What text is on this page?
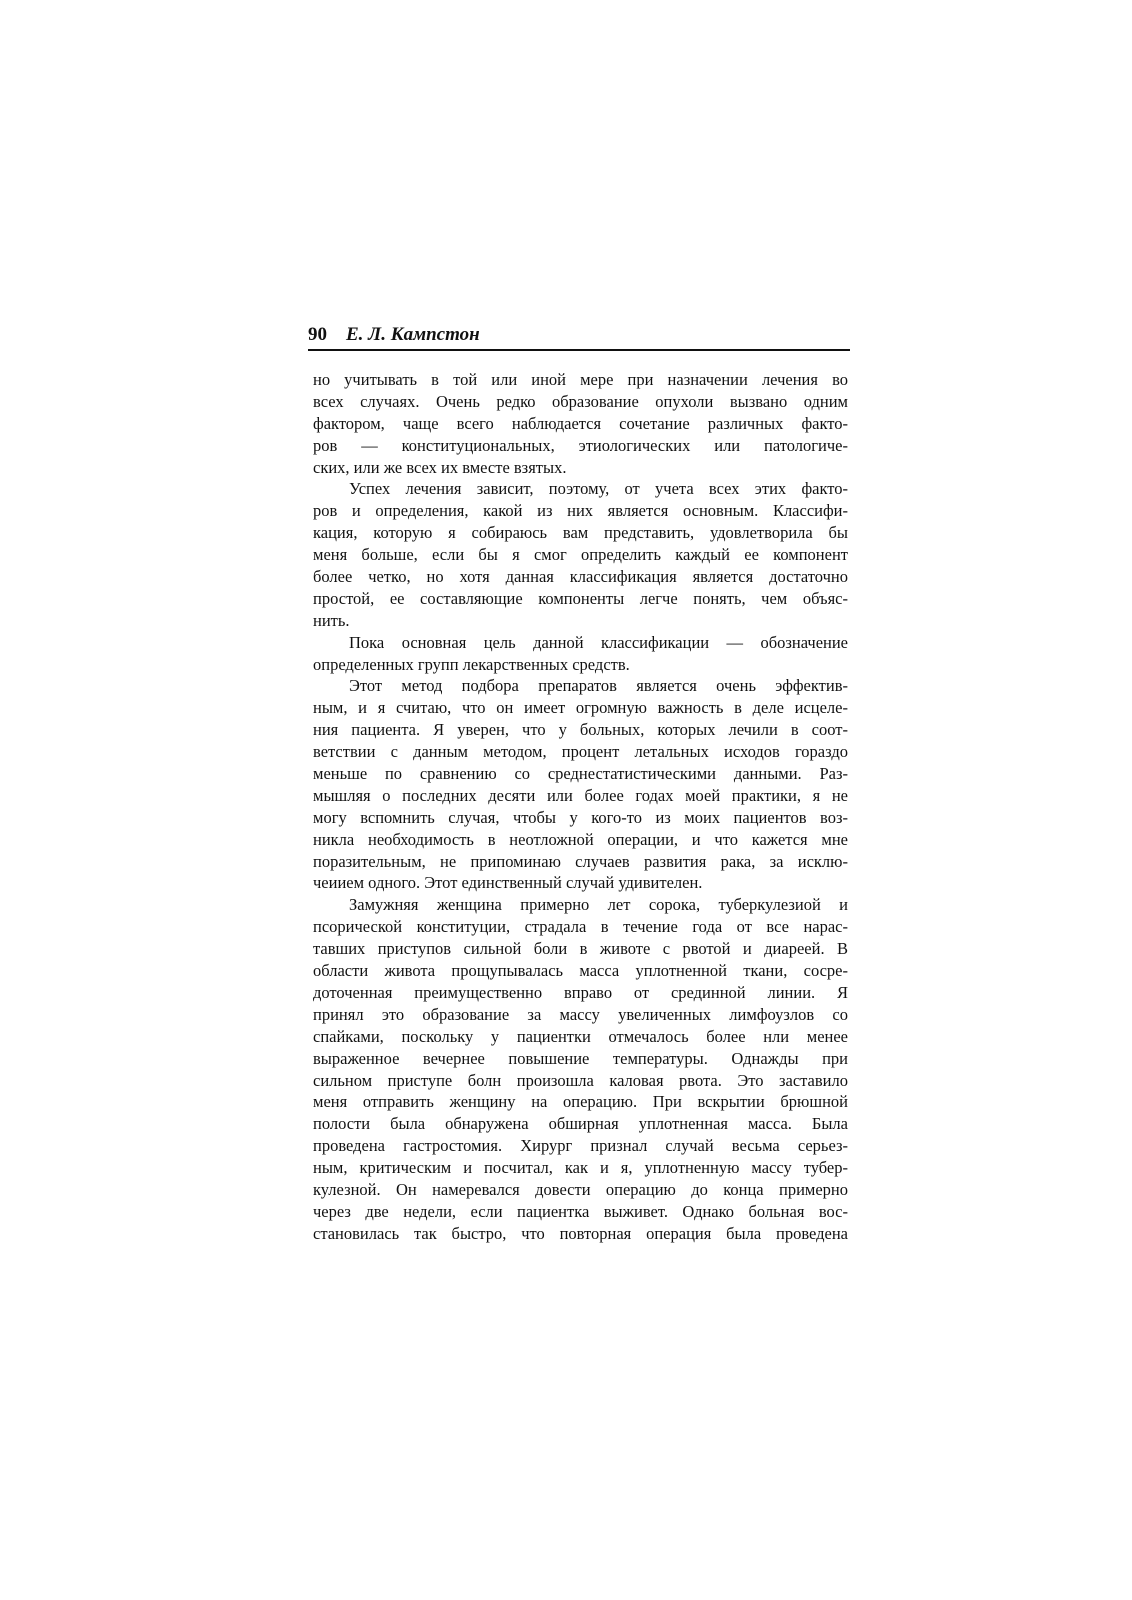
90 Е. Л. Кампстон
но учитывать в той или иной мере при назначении лечения во
всех случаях. Очень редко образование опухоли вызвано одним
фактором, чаще всего наблюдается сочетание различных факто-
ров — конституциональных, этиологических или патологиче-
ских, или же всех их вместе взятых.
Успех лечения зависит, поэтому, от учета всех этих факто-
ров и определения, какой из них является основным. Классифи-
кация, которую я собираюсь вам представить, удовлетворила бы
меня больше, если бы я смог определить каждый ее компонент
более четко, но хотя данная классификация является достаточно
простой, ее составляющие компоненты легче понять, чем объяс-
нить.
Пока основная цель данной классификации — обозначение
определенных групп лекарственных средств.
Этот метод подбора препаратов является очень эффектив-
ным, и я считаю, что он имеет огромную важность в деле исцеле-
ния пациента. Я уверен, что у больных, которых лечили в соот-
ветствии с данным методом, процент летальных исходов гораздо
меньше по сравнению со среднестатистическими данными. Раз-
мышляя о последних десяти или более годах моей практики, я не
могу вспомнить случая, чтобы у кого-то из моих пациентов воз-
никла необходимость в неотложной операции, и что кажется мне
поразительным, не припоминаю случаев развития рака, за исклю-
чеиием одного. Этот единственный случай удивителен.
Замужняя женщина примерно лет сорока, туберкулезиой и
псорической конституции, страдала в течение года от все нарас-
тавших приступов сильной боли в животе с рвотой и диареей. В
области живота прощупывалась масса уплотненной ткани, сосре-
доточенная преимущественно вправо от срединной линии. Я
принял это образование за массу увеличенных лимфоузлов со
спайками, поскольку у пациентки отмечалось более нли менее
выраженное вечернее повышение температуры. Однажды при
сильном приступе болн произошла каловая рвота. Это заставило
меня отправить женщину на операцию. При вскрытии брюшной
полости была обнаружена обширная уплотненная масса. Была
проведена гастростомия. Хирург признал случай весьма серьез-
ным, критическим и посчитал, как и я, уплотненную массу тубер-
кулезной. Он намеревался довести операцию до конца примерно
через две недели, если пациентка выживет. Однако больная вос-
становилась так быстро, что повторная операция была проведена
